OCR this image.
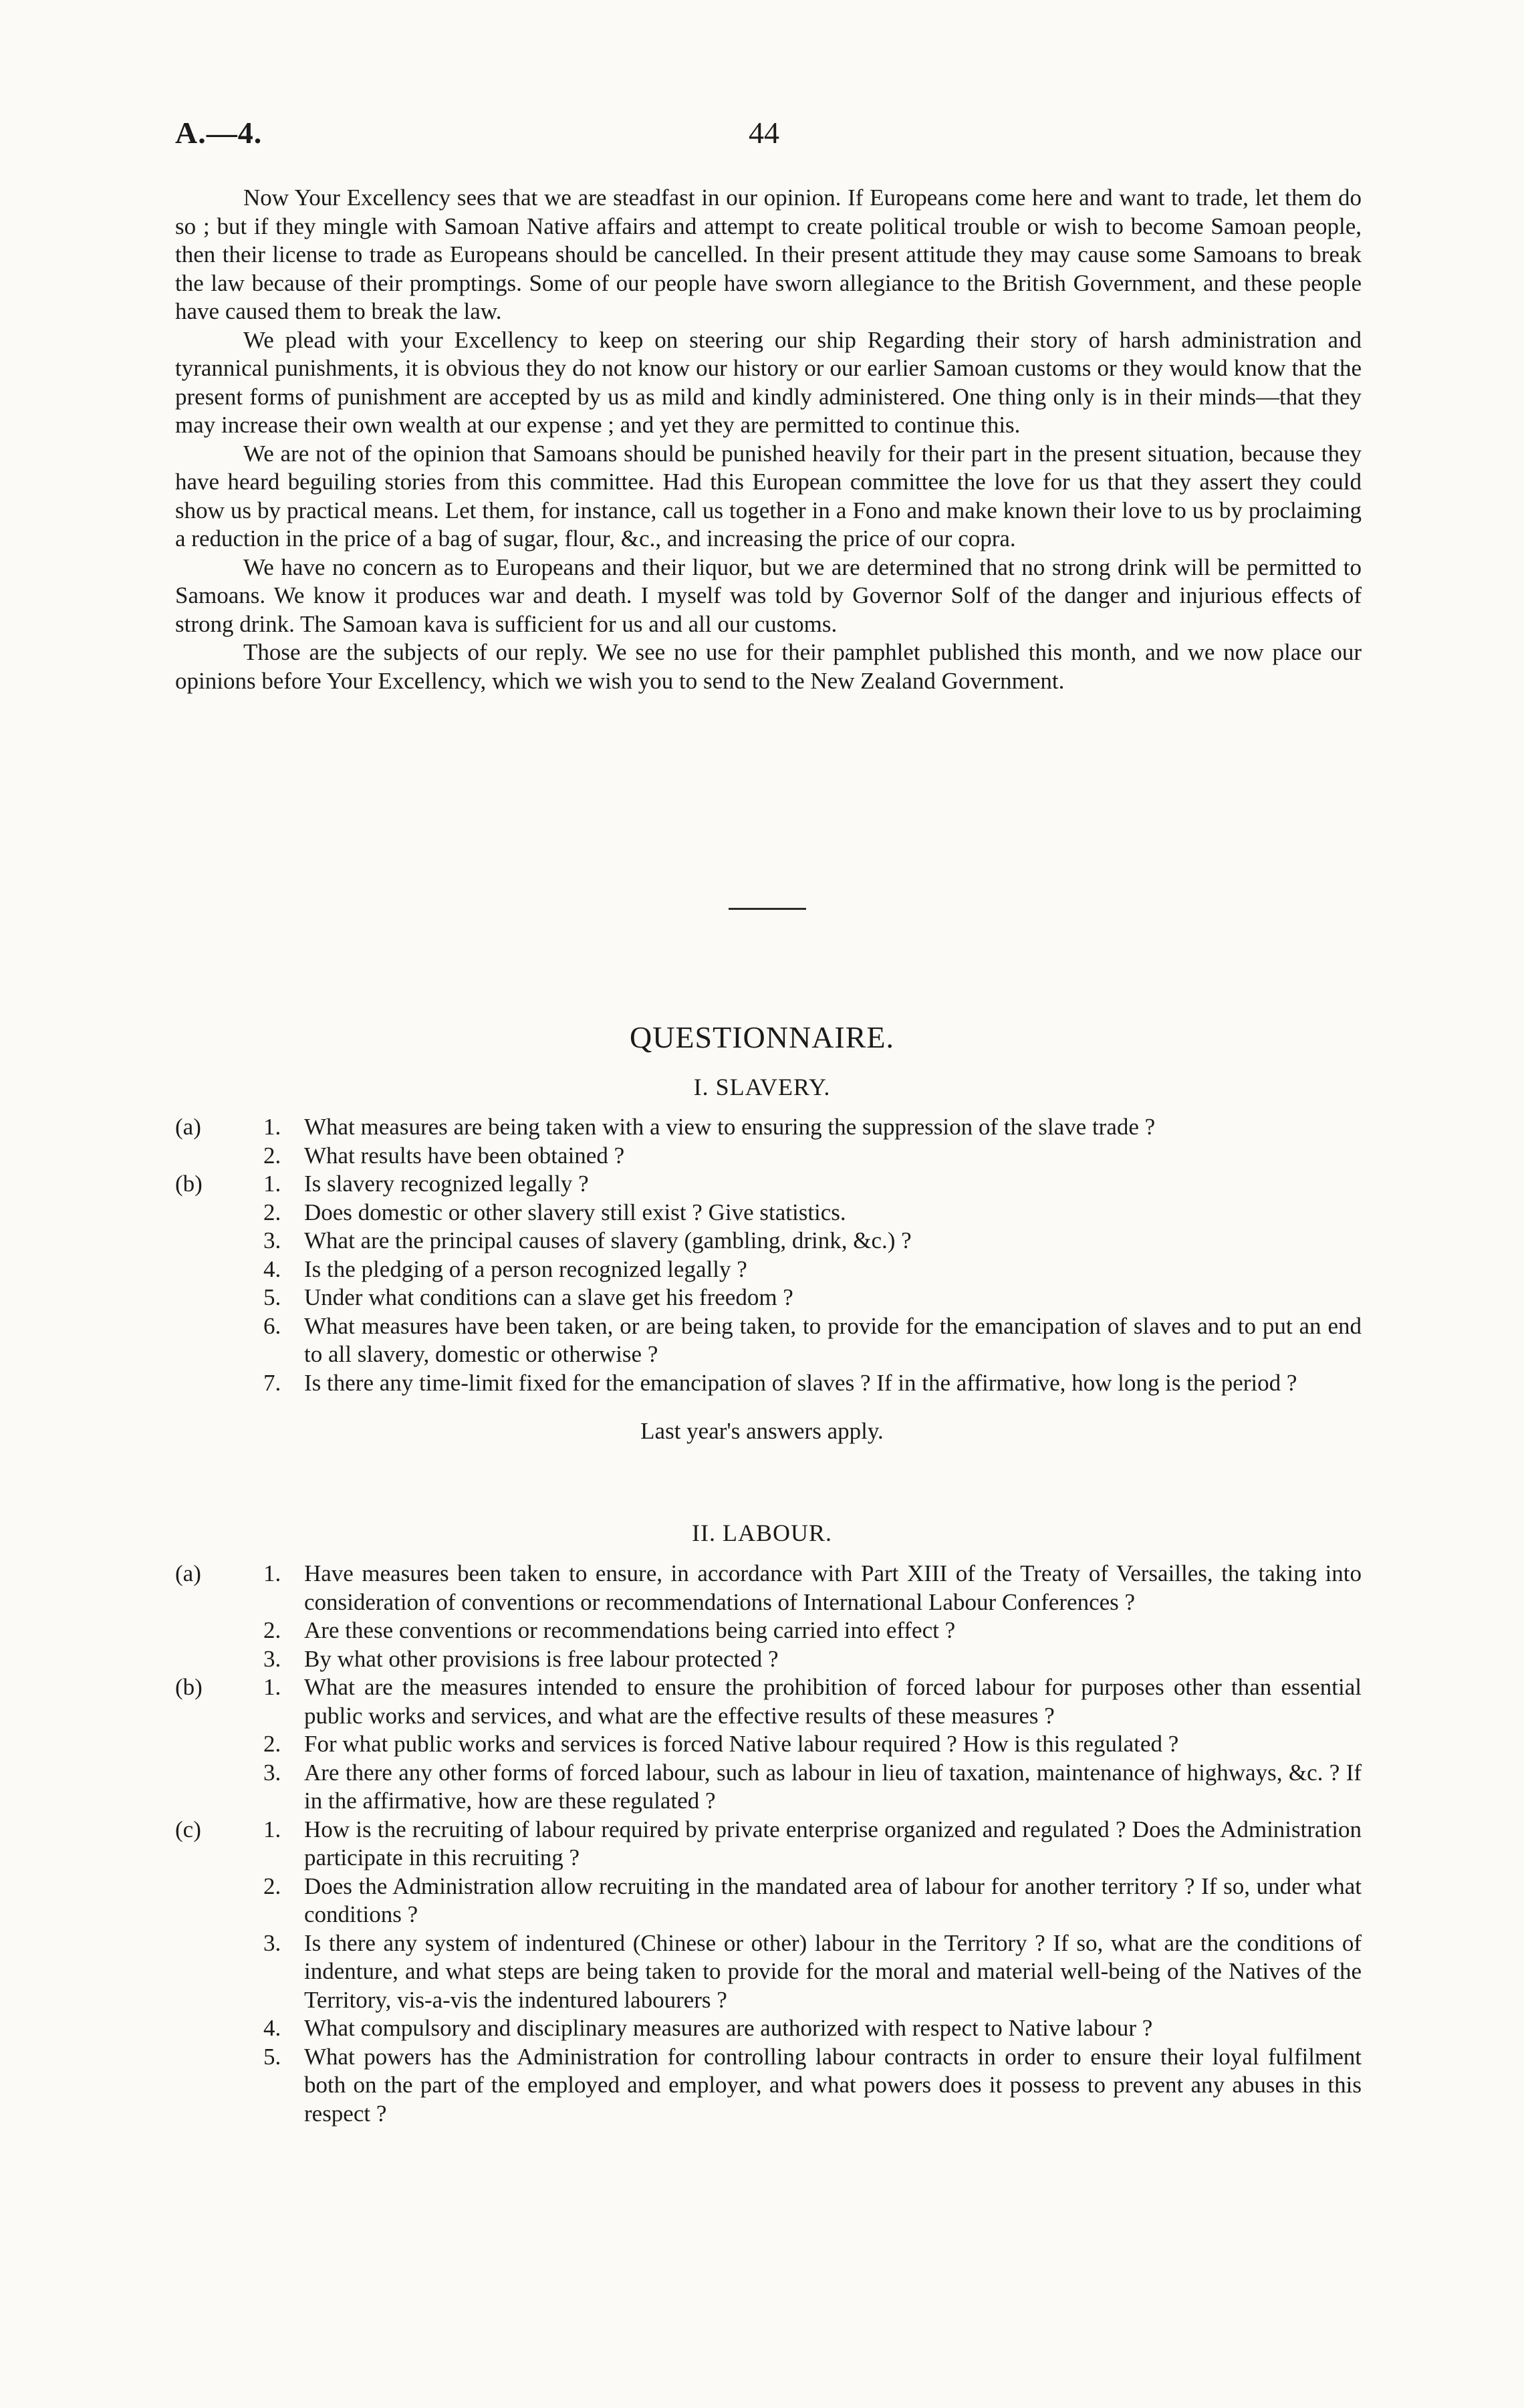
A.—4.	44

Now Your Excellency sees that we are steadfast in our opinion. If Europeans come here and want to trade, let them do so ; but if they mingle with Samoan Native affairs and attempt to create political trouble or wish to become Samoan people, then their license to trade as Europeans should be cancelled. In their present attitude they may cause some Samoans to break the law because of their promptings. Some of our people have sworn allegiance to the British Government, and these people have caused them to break the law.

We plead with your Excellency to keep on steering our ship Regarding their story of harsh administration and tyrannical punishments, it is obvious they do not know our history or our earlier Samoan customs or they would know that the present forms of punishment are accepted by us as mild and kindly administered. One thing only is in their minds—that they may increase their own wealth at our expense ; and yet they are permitted to continue this.

We are not of the opinion that Samoans should be punished heavily for their part in the present situation, because they have heard beguiling stories from this committee. Had this European committee the love for us that they assert they could show us by practical means. Let them, for instance, call us together in a Fono and make known their love to us by proclaiming a reduction in the price of a bag of sugar, flour, &c., and increasing the price of our copra.

We have no concern as to Europeans and their liquor, but we are determined that no strong drink will be permitted to Samoans. We know it produces war and death. I myself was told by Governor Solf of the danger and injurious effects of strong drink. The Samoan kava is sufficient for us and all our customs.

Those are the subjects of our reply. We see no use for their pamphlet published this month, and we now place our opinions before Your Excellency, which we wish you to send to the New Zealand Government.

QUESTIONNAIRE.
I. SLAVERY.
(a)	1. What measures are being taken with a view to ensuring the suppression of the slave trade ?
2. What results have been obtained ?
(b)	1. Is slavery recognized legally ?
2. Does domestic or other slavery still exist ? Give statistics.
3. What are the principal causes of slavery (gambling, drink, &c.) ?
4. Is the pledging of a person recognized legally ?
5. Under what conditions can a slave get his freedom ?
6. What measures have been taken, or are being taken, to provide for the emancipation of slaves and to put an end to all slavery, domestic or otherwise ?
7. Is there any time-limit fixed for the emancipation of slaves ? If in the affirmative, how long is the period ?
Last year's answers apply.
II. LABOUR.
(a)	1. Have measures been taken to ensure, in accordance with Part XIII of the Treaty of Versailles, the taking into consideration of conventions or recommendations of International Labour Conferences ?
2. Are these conventions or recommendations being carried into effect ?
3. By what other provisions is free labour protected ?
(b)	1. What are the measures intended to ensure the prohibition of forced labour for purposes other than essential public works and services, and what are the effective results of these measures ?
2. For what public works and services is forced Native labour required ? How is this regulated ?
3. Are there any other forms of forced labour, such as labour in lieu of taxation, maintenance of highways, &c. ? If in the affirmative, how are these regulated ?
(c)	1. How is the recruiting of labour required by private enterprise organized and regulated ? Does the Administration participate in this recruiting ?
2. Does the Administration allow recruiting in the mandated area of labour for another territory ? If so, under what conditions ?
3. Is there any system of indentured (Chinese or other) labour in the Territory ? If so, what are the conditions of indenture, and what steps are being taken to provide for the moral and material well-being of the Natives of the Territory, vis-a-vis the indentured labourers ?
4. What compulsory and disciplinary measures are authorized with respect to Native labour ?
5. What powers has the Administration for controlling labour contracts in order to ensure their loyal fulfilment both on the part of the employed and employer, and what powers does it possess to prevent any abuses in this respect ?
